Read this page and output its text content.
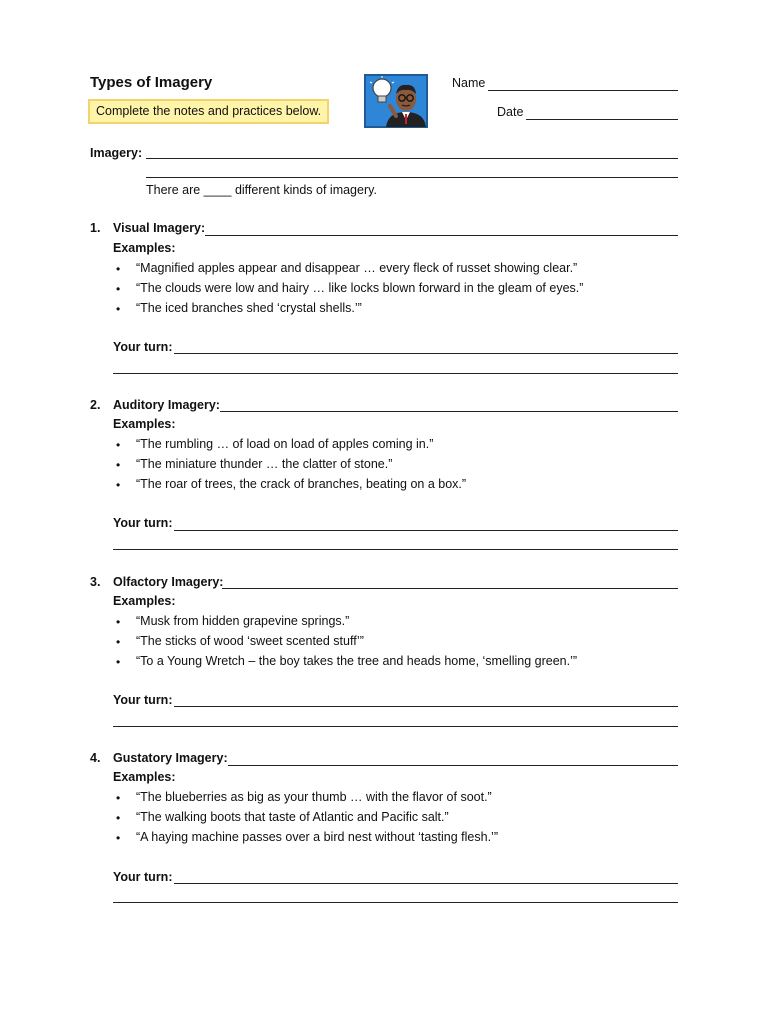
Types of Imagery
Complete the notes and practices below.
Name
Date
Imagery:
There are ____ different kinds of imagery.
1. Visual Imagery:
Examples:
• “Magnified apples appear and disappear … every fleck of russet showing clear.”
• “The clouds were low and hairy … like locks blown forward in the gleam of eyes.”
• “The iced branches shed ‘crystal shells.’”
Your turn:
2. Auditory Imagery:
Examples:
• “The rumbling … of load on load of apples coming in.”
• “The miniature thunder … the clatter of stone.”
• “The roar of trees, the crack of branches, beating on a box.”
Your turn:
3. Olfactory Imagery:
Examples:
• “Musk from hidden grapevine springs.”
• “The sticks of wood ‘sweet scented stuff’”
• “To a Young Wretch – the boy takes the tree and heads home, ‘smelling green.’”
Your turn:
4. Gustatory Imagery:
Examples:
• “The blueberries as big as your thumb … with the flavor of soot.”
• “The walking boots that taste of Atlantic and Pacific salt.”
• “A haying machine passes over a bird nest without ‘tasting flesh.’”
Your turn:
